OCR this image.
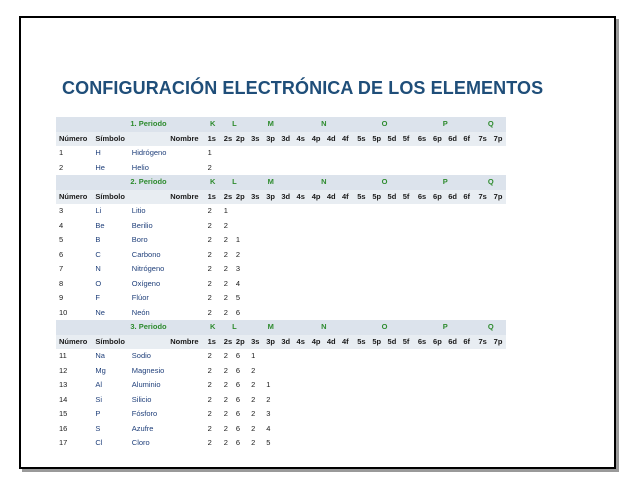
CONFIGURACIÓN ELECTRÓNICA DE LOS ELEMENTOS
	1. Periodo		K	L		M			N				O				P				Q	
Número	Símbolo	Nombre	1s	2s	2p	3s	3p	3d	4s	4p	4d	4f	5s	5p	5d	5f	6s	6p	6d	6f	7s	7p
1	H	Hidrógeno	1																			
2	He	Helio	2																			
	2. Periodo		K	L		M			N				O				P				Q	
Número	Símbolo	Nombre	1s	2s	2p	3s	3p	3d	4s	4p	4d	4f	5s	5p	5d	5f	6s	6p	6d	6f	7s	7p
3	Li	Litio	2	1																		
4	Be	Berilio	2	2																		
5	B	Boro	2	2	1																	
6	C	Carbono	2	2	2																	
7	N	Nitrógeno	2	2	3																	
8	O	Oxígeno	2	2	4																	
9	F	Flúor	2	2	5																	
10	Ne	Neón	2	2	6																	
	3. Periodo		K	L		M			N				O				P				Q	
Número	Símbolo	Nombre	1s	2s	2p	3s	3p	3d	4s	4p	4d	4f	5s	5p	5d	5f	6s	6p	6d	6f	7s	7p
11	Na	Sodio	2	2	6	1																
12	Mg	Magnesio	2	2	6	2																
13	Al	Aluminio	2	2	6	2	1															
14	Si	Silicio	2	2	6	2	2															
15	P	Fósforo	2	2	6	2	3															
16	S	Azufre	2	2	6	2	4															
17	Cl	Cloro	2	2	6	2	5															
